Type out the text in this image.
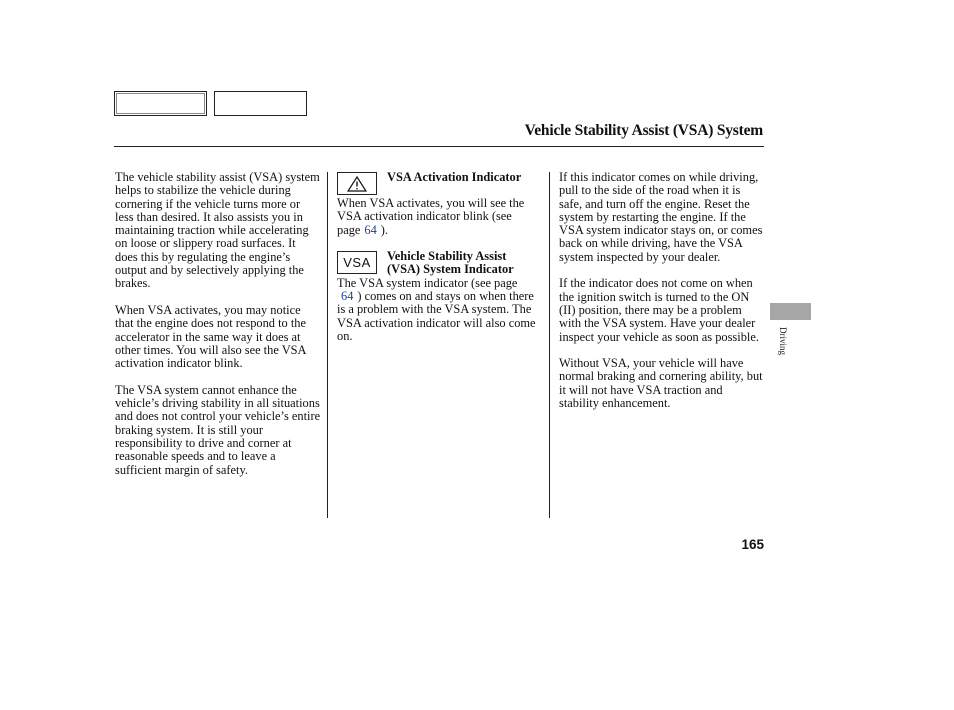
Vehicle Stability Assist (VSA) System

The vehicle stability assist (VSA) system helps to stabilize the vehicle during cornering if the vehicle turns more or less than desired. It also assists you in maintaining traction while accelerating on loose or slippery road surfaces. It does this by regulating the engine’s output and by selectively applying the brakes.

When VSA activates, you may notice that the engine does not respond to the accelerator in the same way it does at other times. You will also see the VSA activation indicator blink.

The VSA system cannot enhance the vehicle’s driving stability in all situations and does not control your vehicle’s entire braking system. It is still your responsibility to drive and corner at reasonable speeds and to leave a sufficient margin of safety.

VSA Activation Indicator

When VSA activates, you will see the VSA activation indicator blink (see page 64 ).

VSA Vehicle Stability Assist (VSA) System Indicator

The VSA system indicator (see page
64 ) comes on and stays on when there is a problem with the VSA system. The VSA activation indicator will also come on.

If this indicator comes on while driving, pull to the side of the road when it is safe, and turn off the engine. Reset the system by restarting the engine. If the VSA system indicator stays on, or comes back on while driving, have the VSA system inspected by your dealer.

If the indicator does not come on when the ignition switch is turned to the ON (II) position, there may be a problem with the VSA system. Have your dealer inspect your vehicle as soon as possible.

Without VSA, your vehicle will have normal braking and cornering ability, but it will not have VSA traction and stability enhancement.

Driving
165
